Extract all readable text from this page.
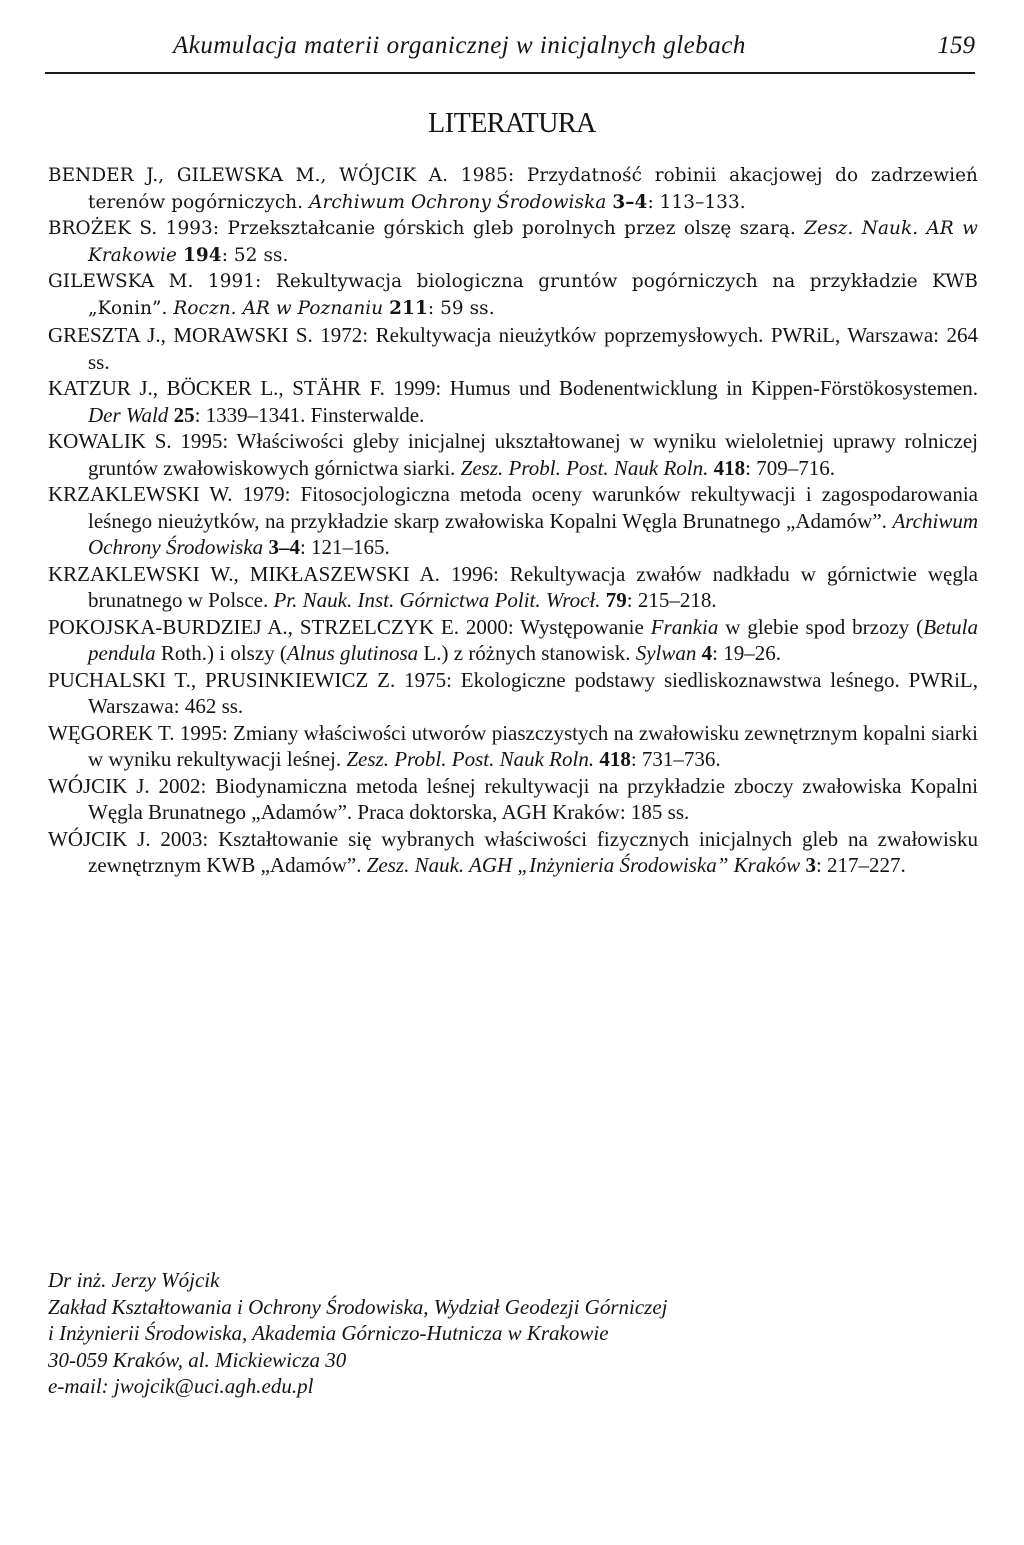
Akumulacja materii organicznej w inicjalnych glebach	159
LITERATURA
BENDER J., GILEWSKA M., WÓJCIK A. 1985: Przydatność robinii akacjowej do zadrzewień terenów pogórniczych. Archiwum Ochrony Środowiska 3–4: 113–133.
BROŻEK S. 1993: Przekształcanie górskich gleb porolnych przez olszę szarą. Zesz. Nauk. AR w Krakowie 194: 52 ss.
GILEWSKA M. 1991: Rekultywacja biologiczna gruntów pogórniczych na przykładzie KWB „Konin”. Roczn. AR w Poznaniu 211: 59 ss.
GRESZTA J., MORAWSKI S. 1972: Rekultywacja nieużytków poprzemysłowych. PWRiL, Warszawa: 264 ss.
KATZUR J., BÖCKER L., STÄHR F. 1999: Humus und Bodenentwicklung in Kippen-Förstökosystemen. Der Wald 25: 1339–1341. Finsterwalde.
KOWALIK S. 1995: Właściwości gleby inicjalnej ukształtowanej w wyniku wieloletniej uprawy rolniczej gruntów zwałowiskowych górnictwa siarki. Zesz. Probl. Post. Nauk Roln. 418: 709–716.
KRZAKLEWSKI W. 1979: Fitosocjologiczna metoda oceny warunków rekultywacji i zagospodarowania leśnego nieużytków, na przykładzie skarp zwałowiska Kopalni Węgla Brunatnego „Adamów”. Archiwum Ochrony Środowiska 3–4: 121–165.
KRZAKLEWSKI W., MIKŁASZEWSKI A. 1996: Rekultywacja zwałów nadkładu w górnictwie węgla brunatnego w Polsce. Pr. Nauk. Inst. Górnictwa Polit. Wrocł. 79: 215–218.
POKOJSKA-BURDZIEJ A., STRZELCZYK E. 2000: Występowanie Frankia w glebie spod brzozy (Betula pendula Roth.) i olszy (Alnus glutinosa L.) z różnych stanowisk. Sylwan 4: 19–26.
PUCHALSKI T., PRUSINKIEWICZ Z. 1975: Ekologiczne podstawy siedliskoznawstwa leśnego. PWRiL, Warszawa: 462 ss.
WĘGOREK T. 1995: Zmiany właściwości utworów piaszczystych na zwałowisku zewnętrznym kopalni siarki w wyniku rekultywacji leśnej. Zesz. Probl. Post. Nauk Roln. 418: 731–736.
WÓJCIK J. 2002: Biodynamiczna metoda leśnej rekultywacji na przykładzie zboczy zwałowiska Kopalni Węgla Brunatnego „Adamów”. Praca doktorska, AGH Kraków: 185 ss.
WÓJCIK J. 2003: Kształtowanie się wybranych właściwości fizycznych inicjalnych gleb na zwałowisku zewnętrznym KWB „Adamów”. Zesz. Nauk. AGH „Inżynieria Środowiska” Kraków 3: 217–227.
Dr inż. Jerzy Wójcik
Zakład Kształtowania i Ochrony Środowiska, Wydział Geodezji Górniczej
i Inżynierii Środowiska, Akademia Górniczo-Hutnicza w Krakowie
30-059 Kraków, al. Mickiewicza 30
e-mail: jwojcik@uci.agh.edu.pl
